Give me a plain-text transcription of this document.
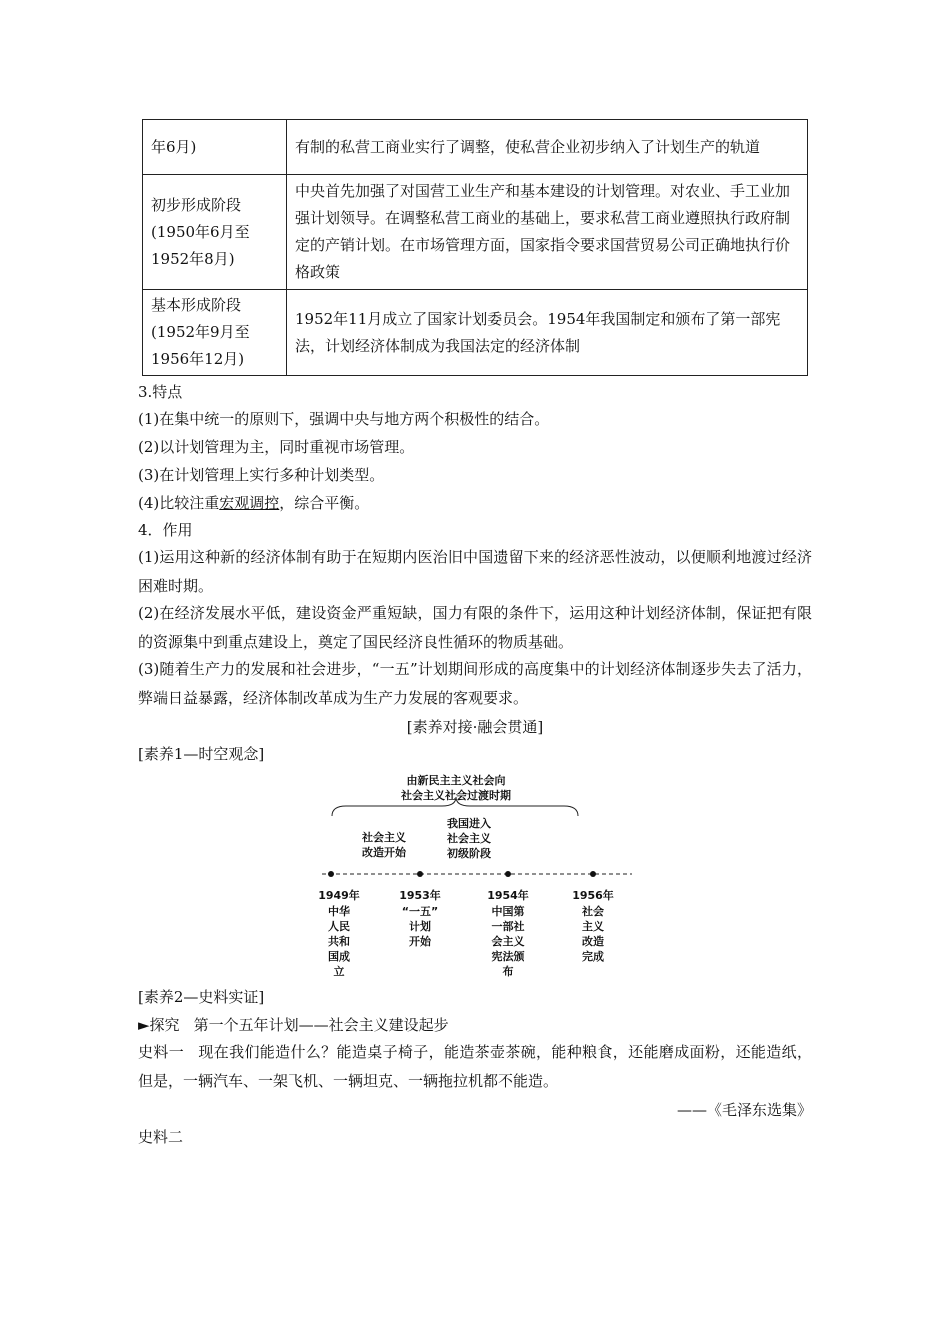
年6月)	有制的私营工商业实行了调整，使私营企业初步纳入了计划生产的轨道
初步形成阶段
(1950年6月至
1952年8月)	中央首先加强了对国营工业生产和基本建设的计划管理。对农业、手工业加强计划领导。在调整私营工商业的基础上，要求私营工商业遵照执行政府制定的产销计划。在市场管理方面，国家指令要求国营贸易公司正确地执行价格政策
基本形成阶段
(1952年9月至
1956年12月)	1952年11月成立了国家计划委员会。1954年我国制定和颁布了第一部宪法，计划经济体制成为我国法定的经济体制
3.特点
(1)在集中统一的原则下，强调中央与地方两个积极性的结合。
(2)以计划管理为主，同时重视市场管理。
(3)在计划管理上实行多种计划类型。
(4)比较注重宏观调控，综合平衡。
4．作用
(1)运用这种新的经济体制有助于在短期内医治旧中国遗留下来的经济恶性波动，以便顺利地渡过经济困难时期。
(2)在经济发展水平低，建设资金严重短缺，国力有限的条件下，运用这种计划经济体制，保证把有限的资源集中到重点建设上，奠定了国民经济良性循环的物质基础。
(3)随着生产力的发展和社会进步，“一五”计划期间形成的高度集中的计划经济体制逐步失去了活力，弊端日益暴露，经济体制改革成为生产力发展的客观要求。
[素养对接·融会贯通]
[素养1—时空观念]
由新民主主义社会向
社会主义社会过渡时期
社会主义
改造开始
我国进入
社会主义
初级阶段
1949年	1953年	1954年	1956年
中华
人民
共和
国成
立
“一五”
计划
开始
中国第
一部社
会主义
宪法颁
布
社会
主义
改造
完成
[素养2—史料实证]
►探究 第一个五年计划——社会主义建设起步
史料一 现在我们能造什么？能造桌子椅子，能造茶壶茶碗，能种粮食，还能磨成面粉，还能造纸，但是，一辆汽车、一架飞机、一辆坦克、一辆拖拉机都不能造。
——《毛泽东选集》
史料二
